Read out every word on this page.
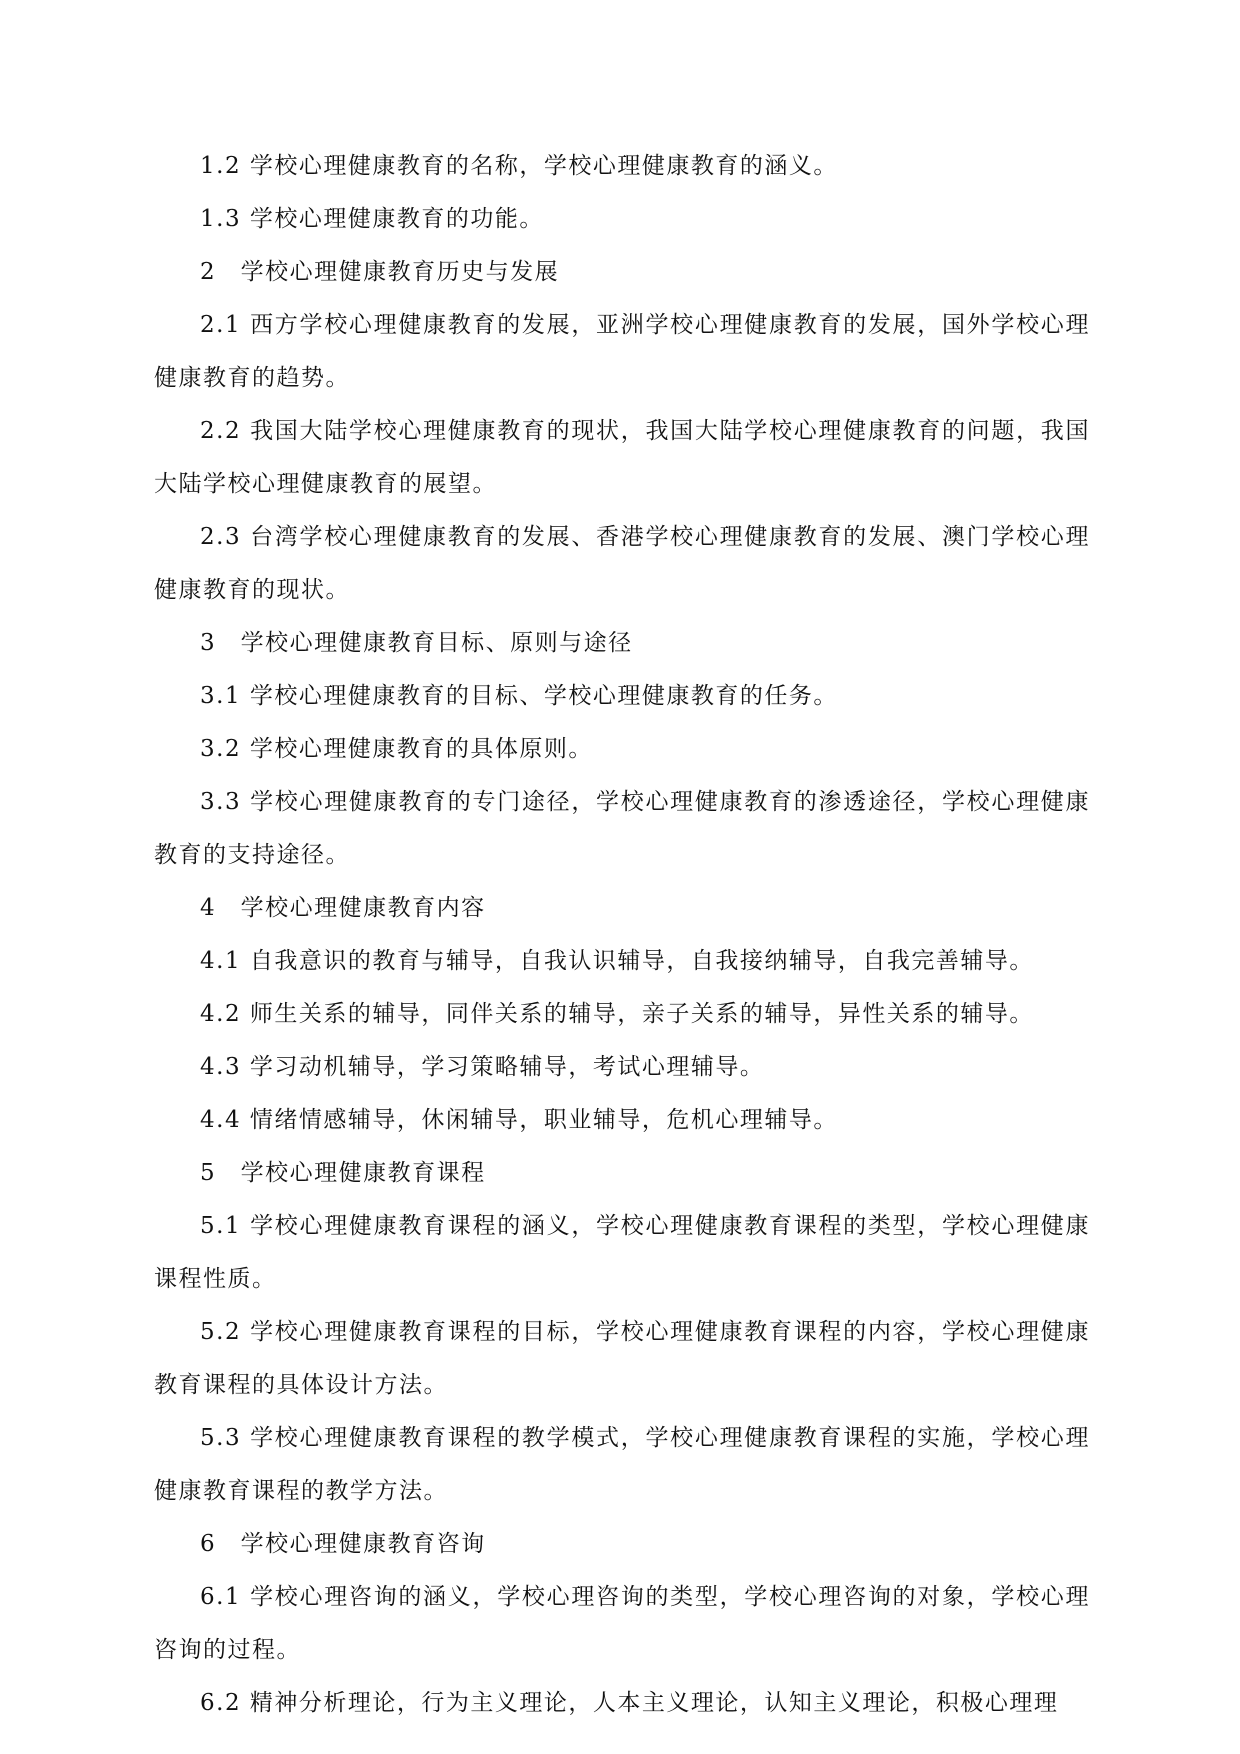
1.2 学校心理健康教育的名称，学校心理健康教育的涵义。

1.3 学校心理健康教育的功能。

2　学校心理健康教育历史与发展

2.1 西方学校心理健康教育的发展，亚洲学校心理健康教育的发展，国外学校心理健康教育的趋势。

2.2 我国大陆学校心理健康教育的现状，我国大陆学校心理健康教育的问题，我国大陆学校心理健康教育的展望。

2.3 台湾学校心理健康教育的发展、香港学校心理健康教育的发展、澳门学校心理健康教育的现状。

3　学校心理健康教育目标、原则与途径

3.1 学校心理健康教育的目标、学校心理健康教育的任务。

3.2 学校心理健康教育的具体原则。

3.3 学校心理健康教育的专门途径，学校心理健康教育的渗透途径，学校心理健康教育的支持途径。

4　学校心理健康教育内容

4.1 自我意识的教育与辅导，自我认识辅导，自我接纳辅导，自我完善辅导。

4.2 师生关系的辅导，同伴关系的辅导，亲子关系的辅导，异性关系的辅导。

4.3 学习动机辅导，学习策略辅导，考试心理辅导。

4.4 情绪情感辅导，休闲辅导，职业辅导，危机心理辅导。

5　学校心理健康教育课程

5.1 学校心理健康教育课程的涵义，学校心理健康教育课程的类型，学校心理健康课程性质。

5.2 学校心理健康教育课程的目标，学校心理健康教育课程的内容，学校心理健康教育课程的具体设计方法。

5.3 学校心理健康教育课程的教学模式，学校心理健康教育课程的实施，学校心理健康教育课程的教学方法。

6　学校心理健康教育咨询

6.1 学校心理咨询的涵义，学校心理咨询的类型，学校心理咨询的对象，学校心理咨询的过程。

6.2 精神分析理论，行为主义理论，人本主义理论，认知主义理论，积极心理理
